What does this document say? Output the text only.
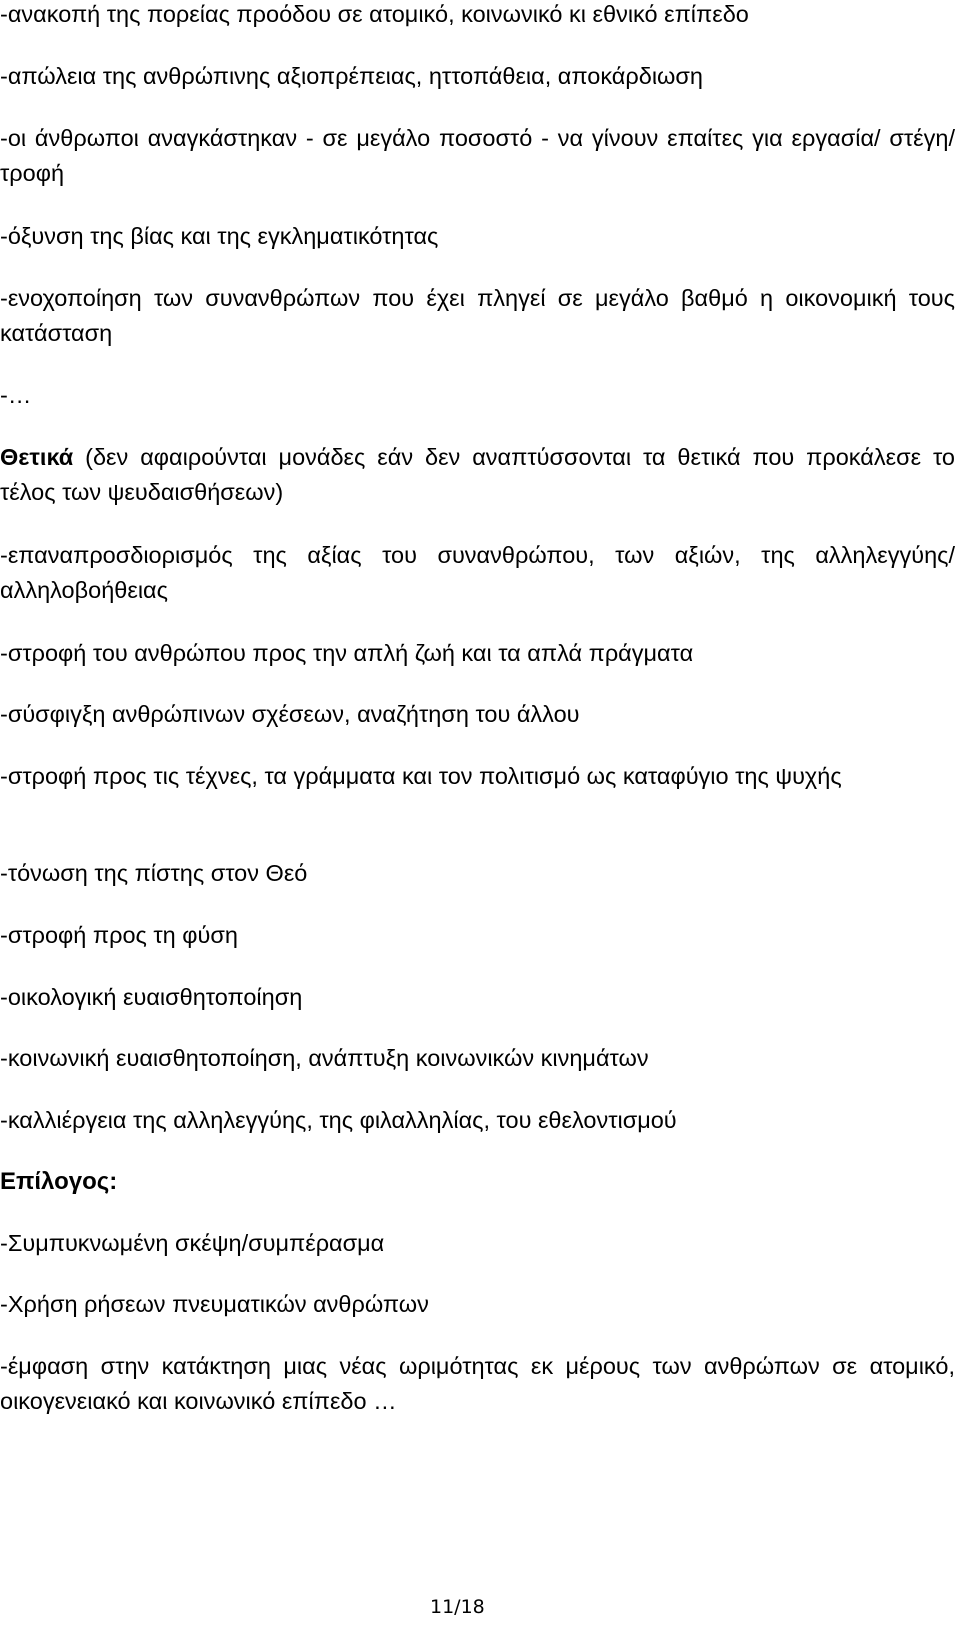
-ανακοπή της πορείας προόδου σε ατομικό, κοινωνικό κι εθνικό επίπεδο

-απώλεια της ανθρώπινης αξιοπρέπειας, ηττοπάθεια, αποκάρδιωση

-οι άνθρωποι αναγκάστηκαν - σε μεγάλο ποσοστό - να γίνουν επαίτες για εργασία/ στέγη/ τροφή

-όξυνση της βίας και της εγκληματικότητας

-ενοχοποίηση των συνανθρώπων που έχει πληγεί σε μεγάλο βαθμό η οικονομική τους κατάσταση

-…

Θετικά (δεν αφαιρούνται μονάδες εάν δεν αναπτύσσονται τα θετικά που προκάλεσε το τέλος των ψευδαισθήσεων)

-επαναπροσδιορισμός της αξίας του συνανθρώπου, των αξιών, της αλληλεγγύης/ αλληλοβοήθειας

-στροφή του ανθρώπου προς την απλή ζωή και τα απλά πράγματα

-σύσφιγξη ανθρώπινων σχέσεων, αναζήτηση του άλλου

-στροφή προς τις τέχνες, τα γράμματα και τον πολιτισμό ως καταφύγιο της ψυχής

-τόνωση της πίστης στον Θεό

-στροφή προς τη φύση

-οικολογική ευαισθητοποίηση

-κοινωνική ευαισθητοποίηση, ανάπτυξη κοινωνικών κινημάτων

-καλλιέργεια της αλληλεγγύης, της φιλαλληλίας, του εθελοντισμού

Επίλογος:

-Συμπυκνωμένη σκέψη/συμπέρασμα

-Χρήση ρήσεων πνευματικών ανθρώπων

-έμφαση στην κατάκτηση μιας νέας ωριμότητας εκ μέρους των ανθρώπων σε ατομικό, οικογενειακό και κοινωνικό επίπεδο …

11/18
